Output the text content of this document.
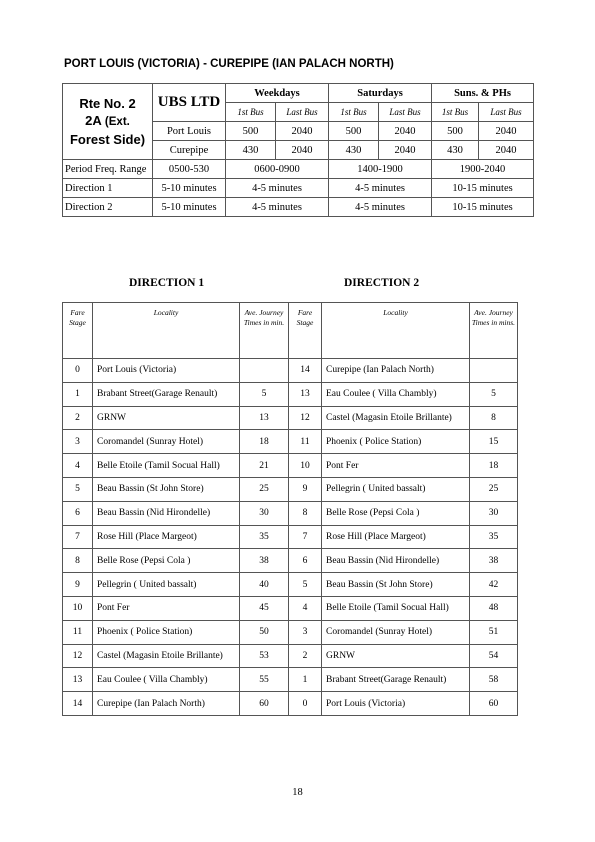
PORT LOUIS (VICTORIA) - CUREPIPE (IAN PALACH NORTH)
Rte No. 2
2A (Ext.
Forest Side)	UBS LTD	Weekdays		Saturdays		Suns. & PHs	
		1st Bus	Last Bus	1st Bus	Last Bus	1st Bus	Last Bus
	Port Louis	500	2040	500	2040	500	2040
	Curepipe	430	2040	430	2040	430	2040
Period Freq. Range	0500-530	0600-0900		1400-1900		1900-2040	
Direction 1	5-10 minutes	4-5 minutes		4-5 minutes		10-15 minutes	
Direction 2	5-10 minutes	4-5 minutes		4-5 minutes		10-15 minutes	
DIRECTION 1	DIRECTION 2
Fare Stage	Locality	Ave. Journey Times in min.	Fare Stage	Locality	Ave. Journey Times in mins.
0	Port Louis (Victoria)		14	Curepipe (Ian Palach North)	
1	Brabant Street(Garage Renault)	5	13	Eau Coulee ( Villa Chambly)	5
2	GRNW	13	12	Castel (Magasin Etoile Brillante)	8
3	Coromandel (Sunray Hotel)	18	11	Phoenix ( Police Station)	15
4	Belle Etoile (Tamil Socual Hall)	21	10	Pont Fer	18
5	Beau Bassin (St John Store)	25	9	Pellegrin ( United bassalt)	25
6	Beau Bassin (Nid Hirondelle)	30	8	Belle Rose (Pepsi Cola )	30
7	Rose Hill (Place Margeot)	35	7	Rose Hill (Place Margeot)	35
8	Belle Rose (Pepsi Cola )	38	6	Beau Bassin (Nid Hirondelle)	38
9	Pellegrin ( United bassalt)	40	5	Beau Bassin (St John Store)	42
10	Pont Fer	45	4	Belle Etoile (Tamil Socual Hall)	48
11	Phoenix ( Police Station)	50	3	Coromandel (Sunray Hotel)	51
12	Castel (Magasin Etoile Brillante)	53	2	GRNW	54
13	Eau Coulee ( Villa Chambly)	55	1	Brabant Street(Garage Renault)	58
14	Curepipe (Ian Palach North)	60	0	Port Louis (Victoria)	60
18
